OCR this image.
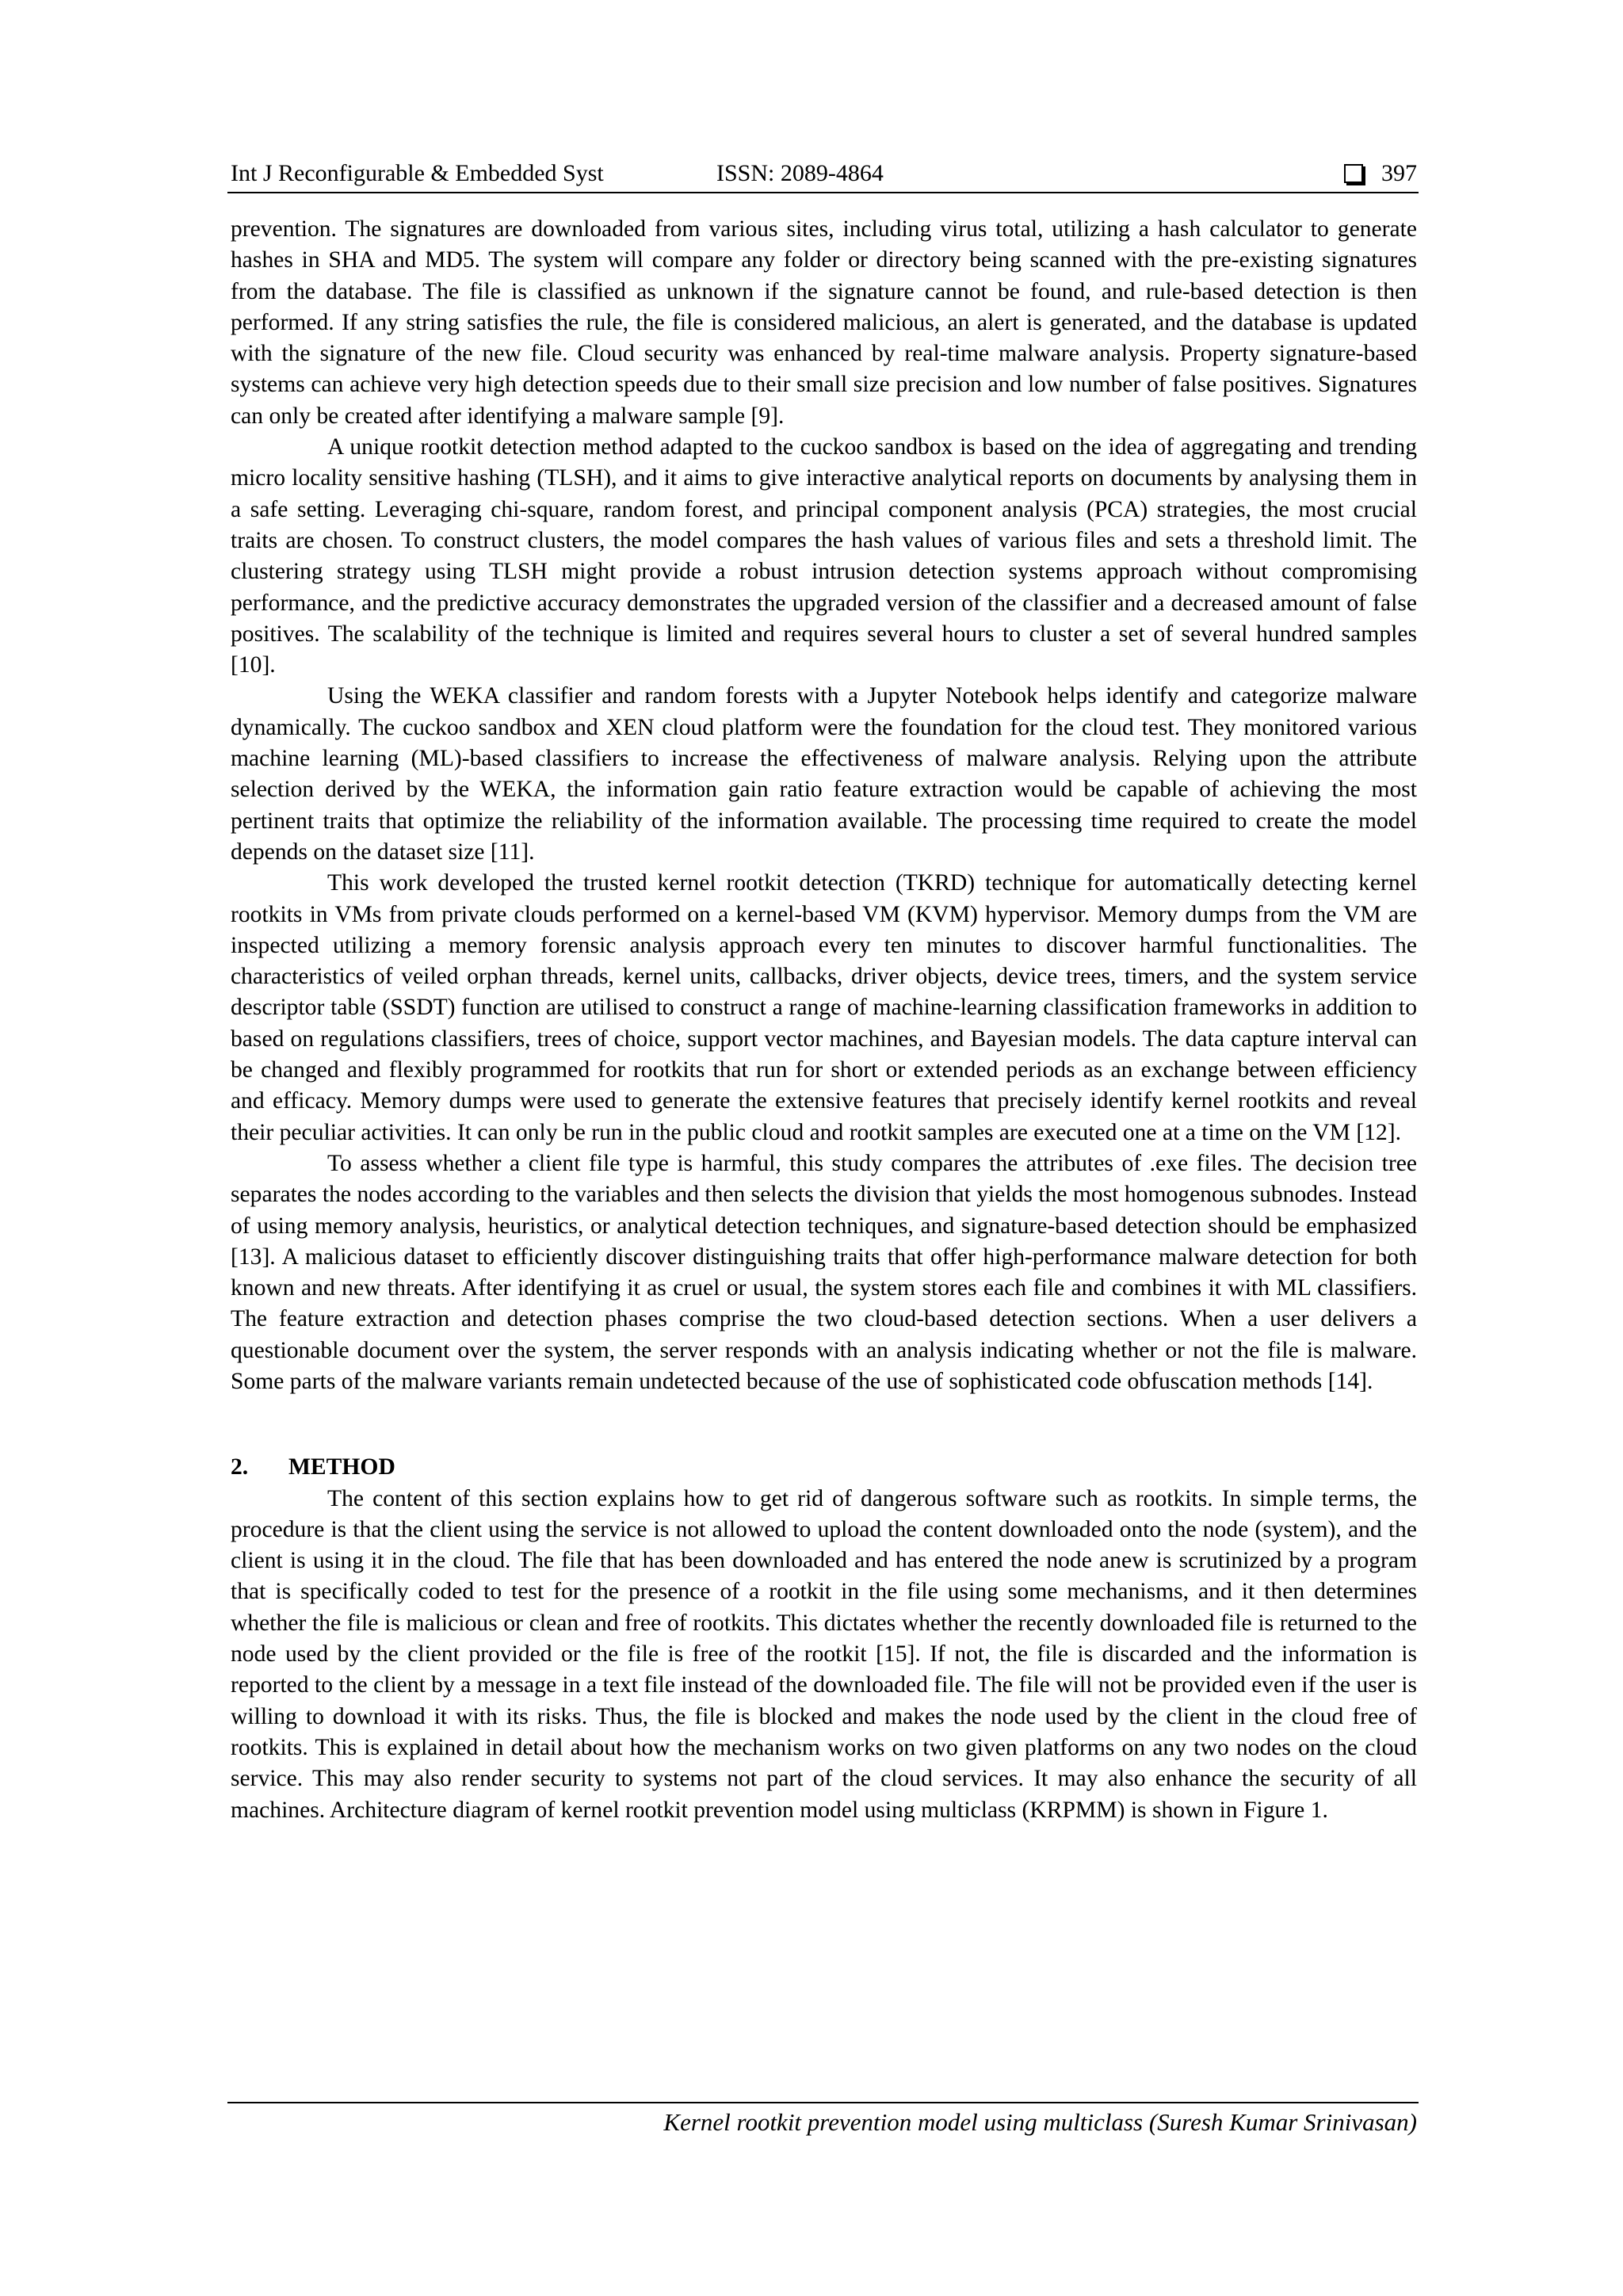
Int J Reconfigurable & Embedded Syst	ISSN: 2089-4864	397

prevention. The signatures are downloaded from various sites, including virus total, utilizing a hash calculator to generate hashes in SHA and MD5. The system will compare any folder or directory being scanned with the pre-existing signatures from the database. The file is classified as unknown if the signature cannot be found, and rule-based detection is then performed. If any string satisfies the rule, the file is considered malicious, an alert is generated, and the database is updated with the signature of the new file. Cloud security was enhanced by real-time malware analysis. Property signature-based systems can achieve very high detection speeds due to their small size precision and low number of false positives. Signatures can only be created after identifying a malware sample [9].

A unique rootkit detection method adapted to the cuckoo sandbox is based on the idea of aggregating and trending micro locality sensitive hashing (TLSH), and it aims to give interactive analytical reports on documents by analysing them in a safe setting. Leveraging chi-square, random forest, and principal component analysis (PCA) strategies, the most crucial traits are chosen. To construct clusters, the model compares the hash values of various files and sets a threshold limit. The clustering strategy using TLSH might provide a robust intrusion detection systems approach without compromising performance, and the predictive accuracy demonstrates the upgraded version of the classifier and a decreased amount of false positives. The scalability of the technique is limited and requires several hours to cluster a set of several hundred samples [10].

Using the WEKA classifier and random forests with a Jupyter Notebook helps identify and categorize malware dynamically. The cuckoo sandbox and XEN cloud platform were the foundation for the cloud test. They monitored various machine learning (ML)-based classifiers to increase the effectiveness of malware analysis. Relying upon the attribute selection derived by the WEKA, the information gain ratio feature extraction would be capable of achieving the most pertinent traits that optimize the reliability of the information available. The processing time required to create the model depends on the dataset size [11].

This work developed the trusted kernel rootkit detection (TKRD) technique for automatically detecting kernel rootkits in VMs from private clouds performed on a kernel-based VM (KVM) hypervisor. Memory dumps from the VM are inspected utilizing a memory forensic analysis approach every ten minutes to discover harmful functionalities. The characteristics of veiled orphan threads, kernel units, callbacks, driver objects, device trees, timers, and the system service descriptor table (SSDT) function are utilised to construct a range of machine-learning classification frameworks in addition to based on regulations classifiers, trees of choice, support vector machines, and Bayesian models. The data capture interval can be changed and flexibly programmed for rootkits that run for short or extended periods as an exchange between efficiency and efficacy. Memory dumps were used to generate the extensive features that precisely identify kernel rootkits and reveal their peculiar activities. It can only be run in the public cloud and rootkit samples are executed one at a time on the VM [12].

To assess whether a client file type is harmful, this study compares the attributes of .exe files. The decision tree separates the nodes according to the variables and then selects the division that yields the most homogenous subnodes. Instead of using memory analysis, heuristics, or analytical detection techniques, and signature-based detection should be emphasized [13]. A malicious dataset to efficiently discover distinguishing traits that offer high-performance malware detection for both known and new threats. After identifying it as cruel or usual, the system stores each file and combines it with ML classifiers. The feature extraction and detection phases comprise the two cloud-based detection sections. When a user delivers a questionable document over the system, the server responds with an analysis indicating whether or not the file is malware. Some parts of the malware variants remain undetected because of the use of sophisticated code obfuscation methods [14].

2. METHOD

The content of this section explains how to get rid of dangerous software such as rootkits. In simple terms, the procedure is that the client using the service is not allowed to upload the content downloaded onto the node (system), and the client is using it in the cloud. The file that has been downloaded and has entered the node anew is scrutinized by a program that is specifically coded to test for the presence of a rootkit in the file using some mechanisms, and it then determines whether the file is malicious or clean and free of rootkits. This dictates whether the recently downloaded file is returned to the node used by the client provided or the file is free of the rootkit [15]. If not, the file is discarded and the information is reported to the client by a message in a text file instead of the downloaded file. The file will not be provided even if the user is willing to download it with its risks. Thus, the file is blocked and makes the node used by the client in the cloud free of rootkits. This is explained in detail about how the mechanism works on two given platforms on any two nodes on the cloud service. This may also render security to systems not part of the cloud services. It may also enhance the security of all machines. Architecture diagram of kernel rootkit prevention model using multiclass (KRPMM) is shown in Figure 1.

Kernel rootkit prevention model using multiclass (Suresh Kumar Srinivasan)
